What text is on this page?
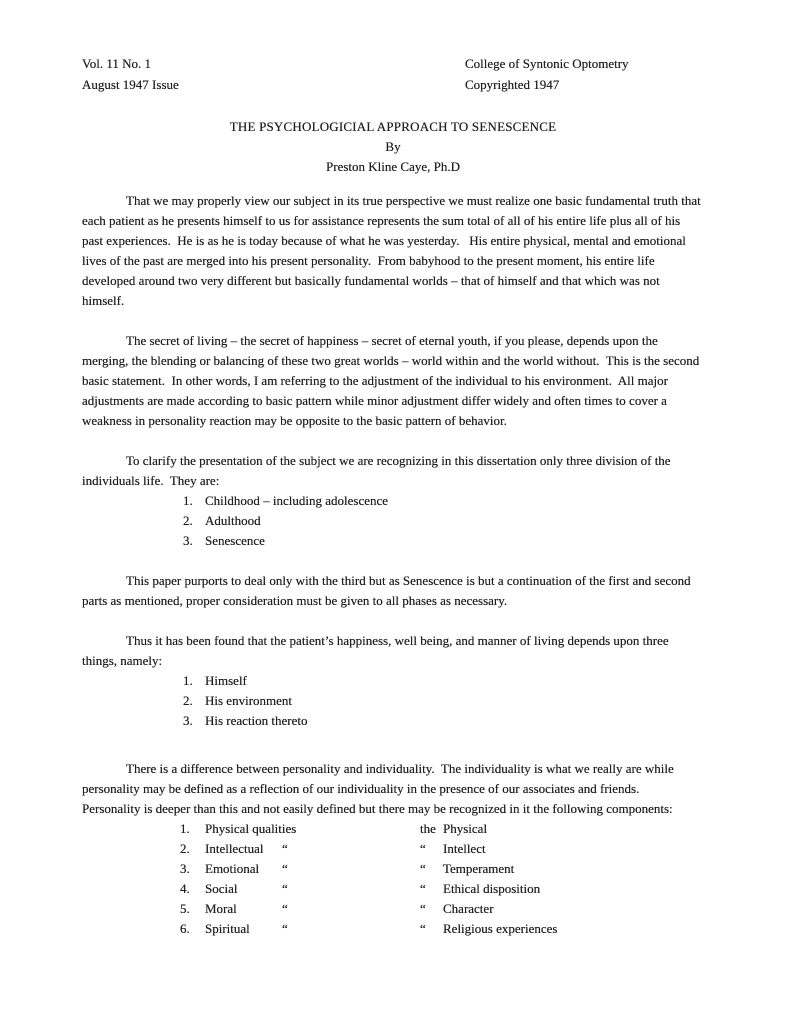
Vol. 11 No. 1
August 1947 Issue
College of Syntonic Optometry
Copyrighted 1947
THE PSYCHOLOGICIAL APPROACH TO SENESCENCE
By
Preston Kline Caye, Ph.D

That we may properly view our subject in its true perspective we must realize one basic fundamental truth that each patient as he presents himself to us for assistance represents the sum total of all of his entire life plus all of his past experiences.  He is as he is today because of what he was yesterday.   His entire physical, mental and emotional lives of the past are merged into his present personality.  From babyhood to the present moment, his entire life developed around two very different but basically fundamental worlds – that of himself and that which was not himself.

The secret of living – the secret of happiness – secret of eternal youth, if you please, depends upon the merging, the blending or balancing of these two great worlds – world within and the world without.  This is the second basic statement.  In other words, I am referring to the adjustment of the individual to his environment.  All major adjustments are made according to basic pattern while minor adjustment differ widely and often times to cover a weakness in personality reaction may be opposite to the basic pattern of behavior.

To clarify the presentation of the subject we are recognizing in this dissertation only three division of the individuals life.  They are:

1. Childhood – including adolescence
2. Adulthood
3. Senescence

This paper purports to deal only with the third but as Senescence is but a continuation of the first and second parts as mentioned, proper consideration must be given to all phases as necessary.

Thus it has been found that the patient’s happiness, well being, and manner of living depends upon three things, namely:

1. Himself
2. His environment
3. His reaction thereto

There is a difference between personality and individuality.  The individuality is what we really are while personality may be defined as a reflection of our individuality in the presence of our associates and friends.  Personality is deeper than this and not easily defined but there may be recognized in it the following components:

1.	Physical qualities	the Physical
2.	Intellectual	“	“	Intellect
3.	Emotional	“	“	Temperament
4.	Social	“	“	Ethical disposition
5.	Moral	“	“	Character
6.	Spiritual	“	“	Religious experiences
